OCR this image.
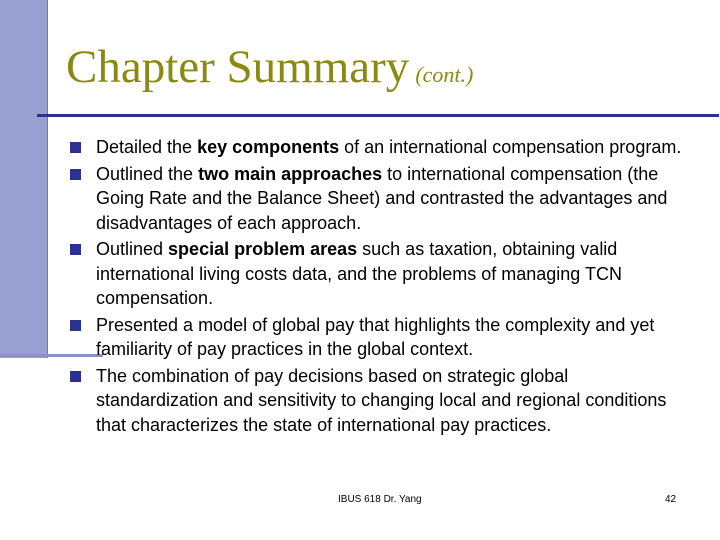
Chapter Summary (cont.)
Detailed the key components of an international compensation program.
Outlined the two main approaches to international compensation (the Going Rate and the Balance Sheet) and contrasted the advantages and disadvantages of each approach.
Outlined special problem areas such as taxation, obtaining valid international living costs data, and the problems of managing TCN compensation.
Presented a model of global pay that highlights the complexity and yet familiarity of pay practices in the global context.
The combination of pay decisions based on strategic global standardization and sensitivity to changing local and regional conditions that characterizes the state of international pay practices.
IBUS 618 Dr. Yang	42
